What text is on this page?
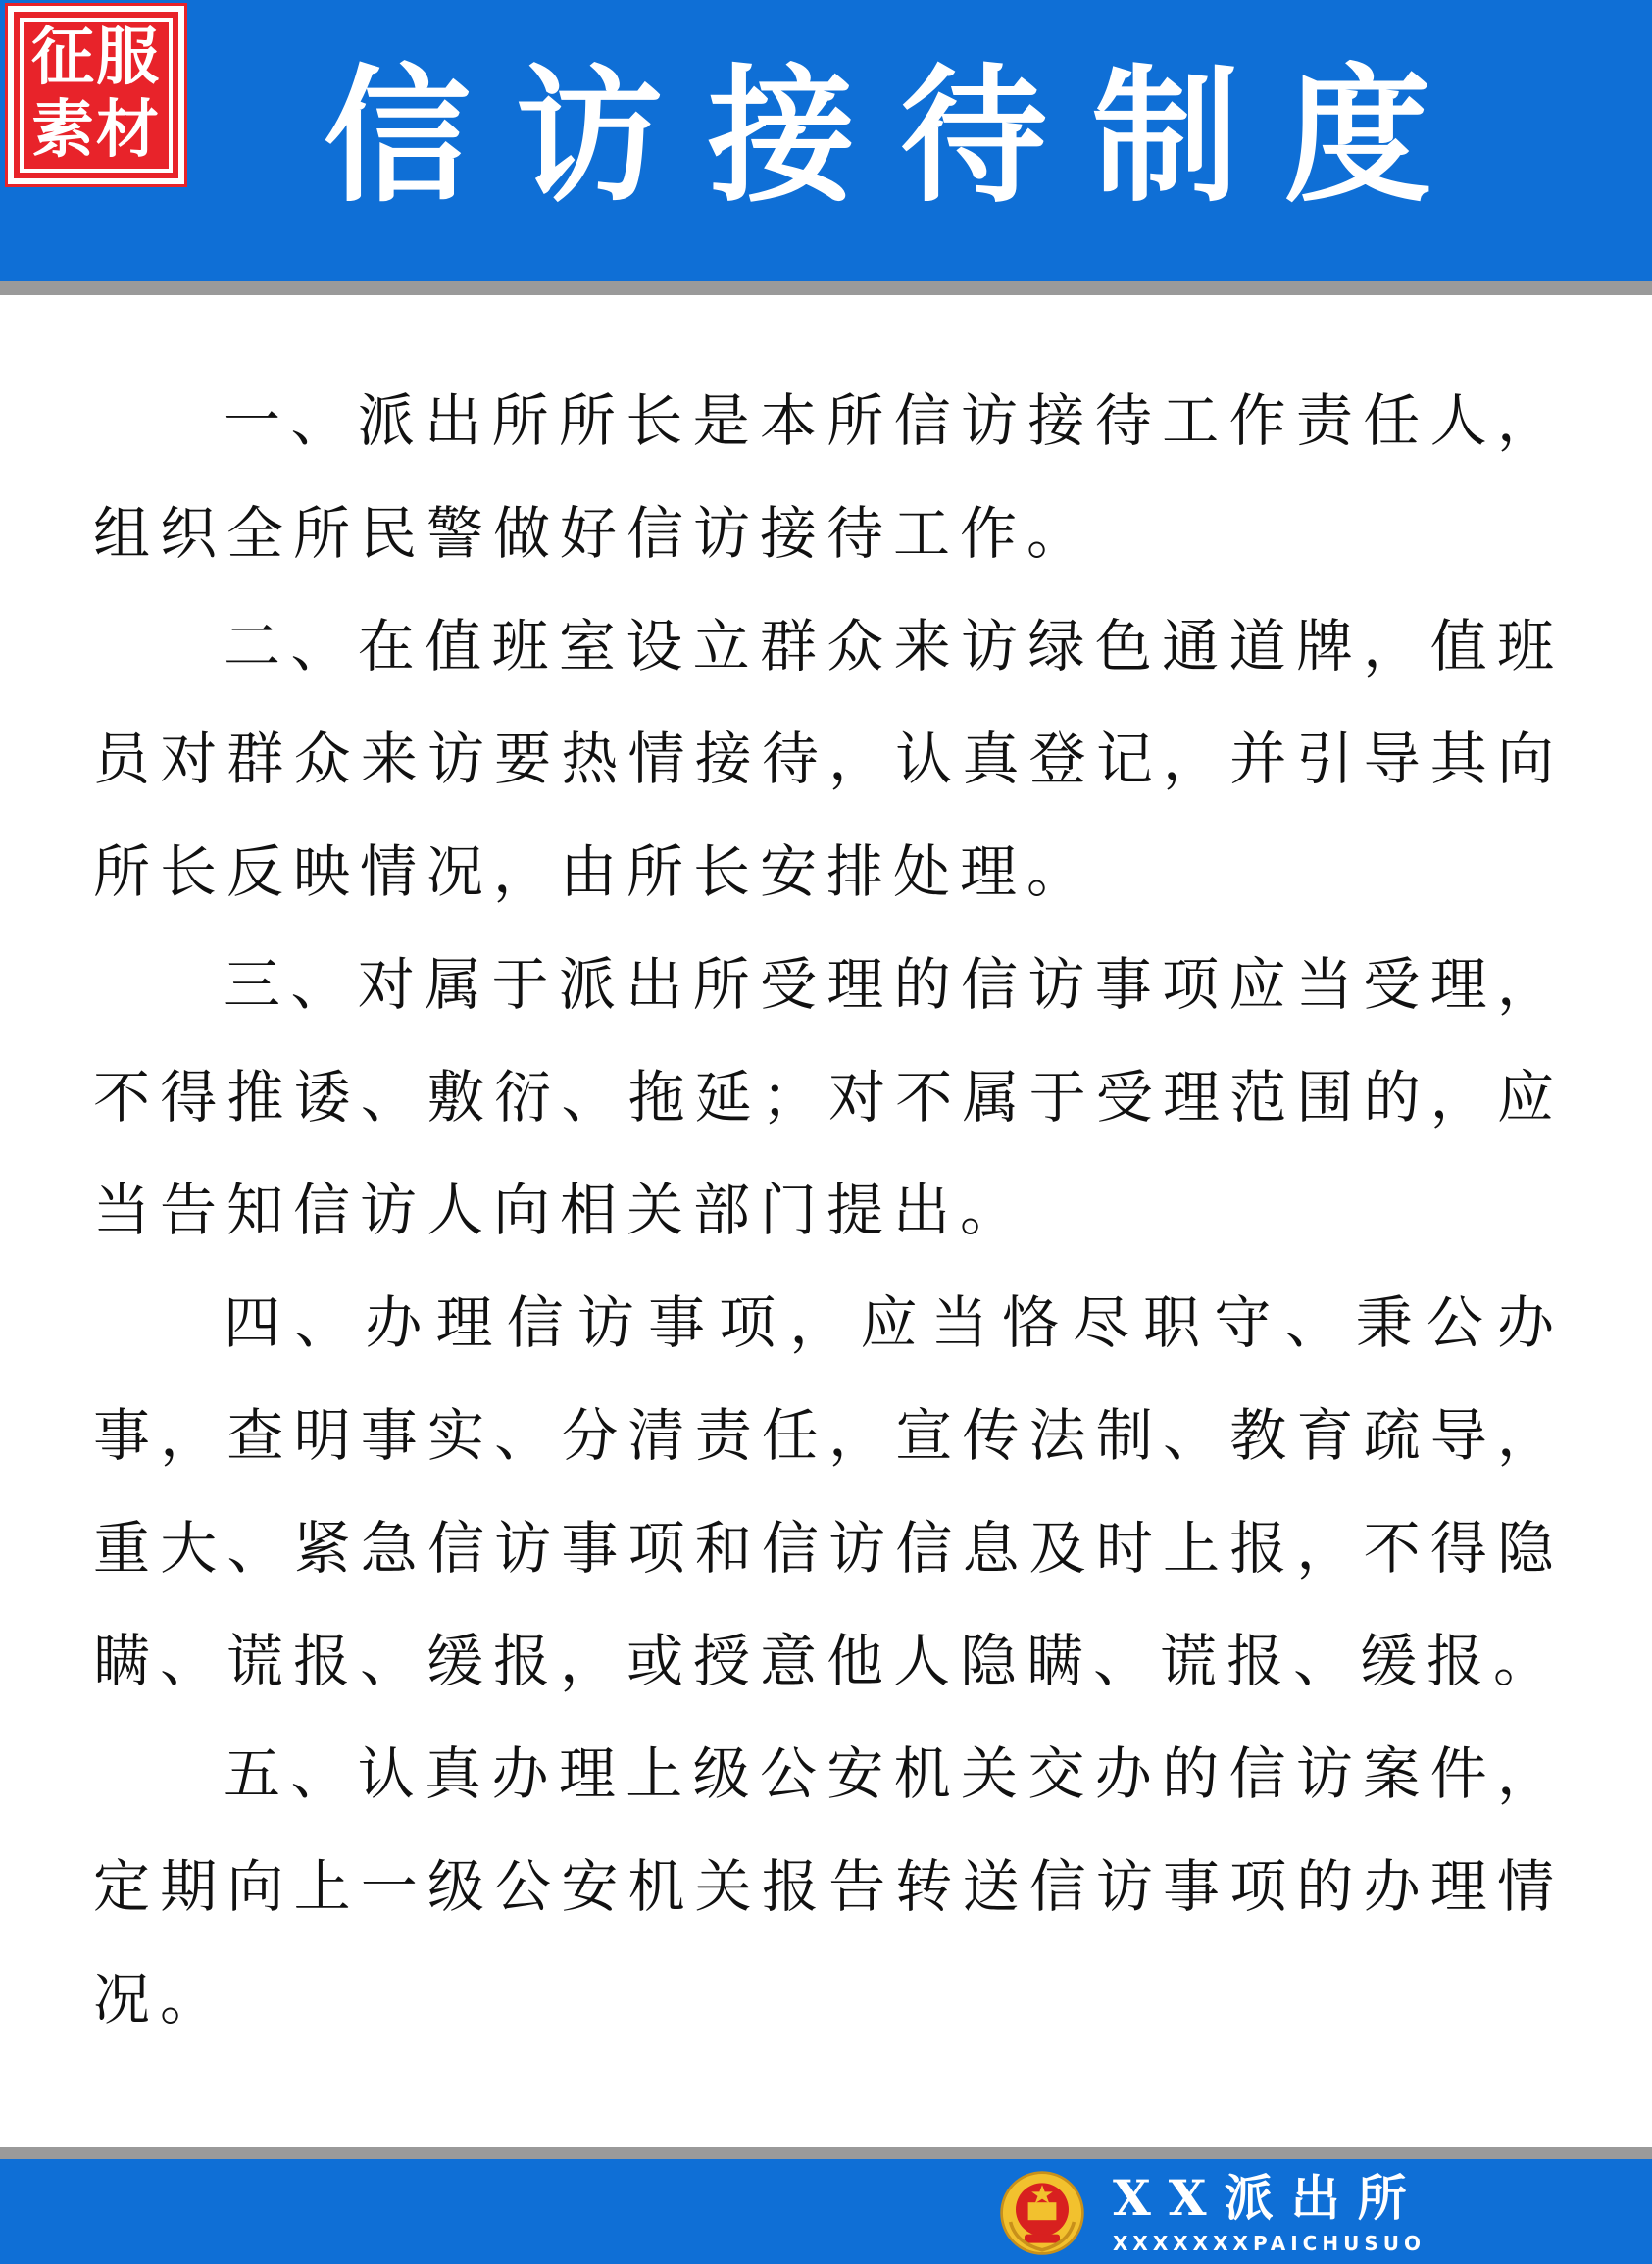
征服
素材 信访接待制度

一、派出所所长是本所信访接待工作责任人，组织全所民警做好信访接待工作。

二、在值班室设立群众来访绿色通道牌，值班员对群众来访要热情接待，认真登记，并引导其向所长反映情况，由所长安排处理。

三、对属于派出所受理的信访事项应当受理，不得推诿、敷衍、拖延；对不属于受理范围的，应当告知信访人向相关部门提出。

四、办理信访事项，应当恪尽职守、秉公办事，查明事实、分清责任，宣传法制、教育疏导，重大、紧急信访事项和信访信息及时上报，不得隐瞒、谎报、缓报，或授意他人隐瞒、谎报、缓报。

五、认真办理上级公安机关交办的信访案件，定期向上一级公安机关报告转送信访事项的办理情况。

XX派出所
XXXXXXXPAICHUSUO
